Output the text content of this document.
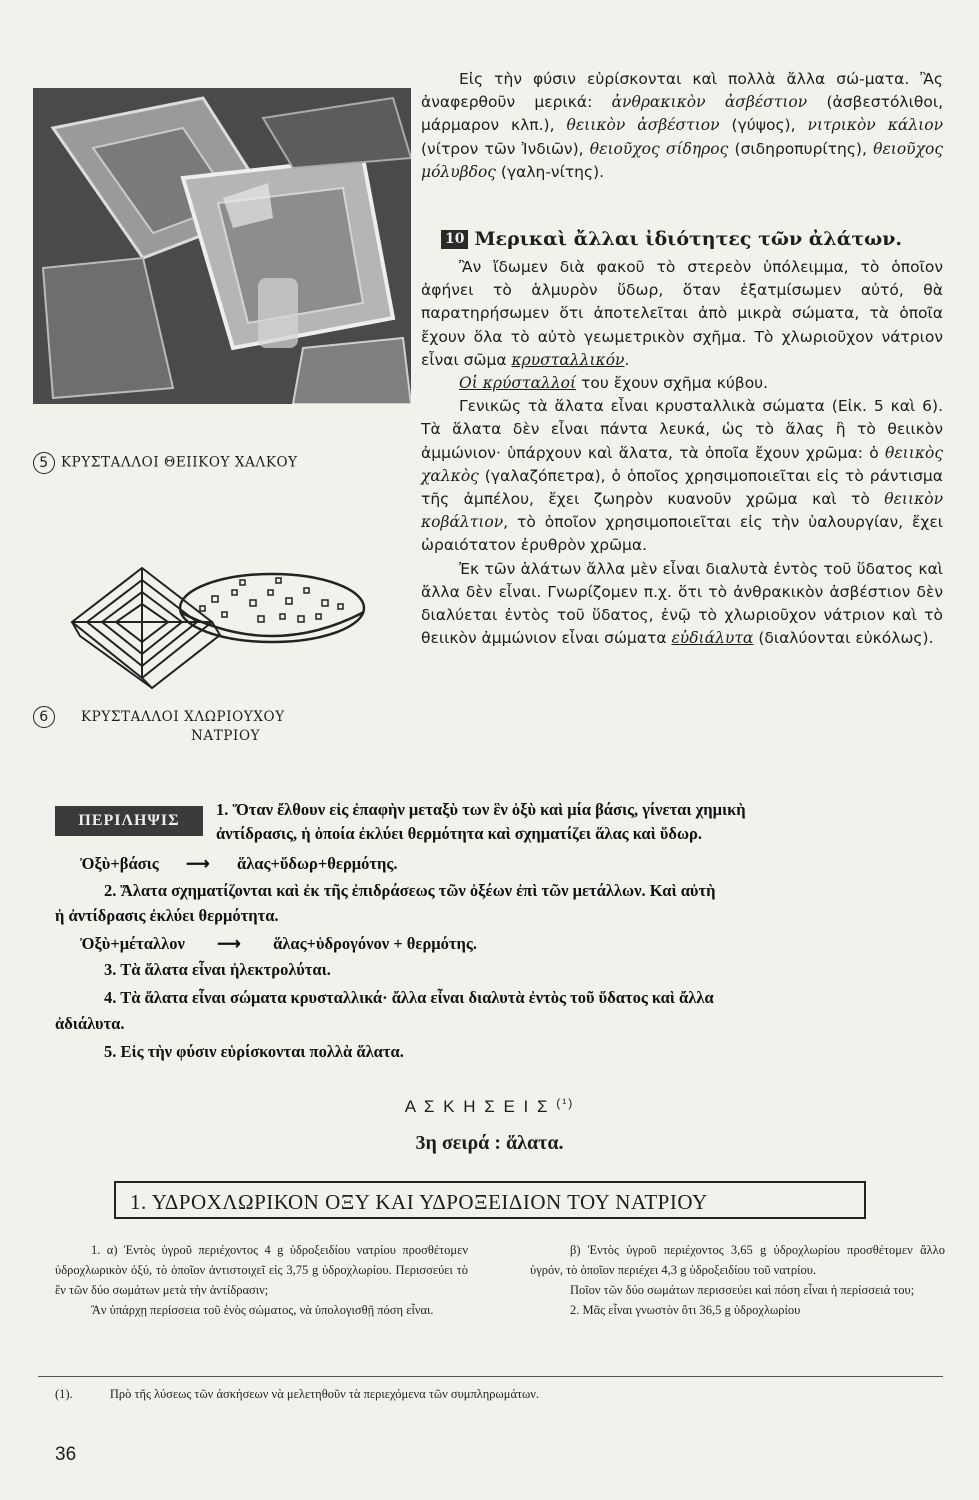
5 ΚΡΥΣΤΑΛΛΟΙ ΘΕΙΙΚΟΥ ΧΑΛΚΟΥ
6 ΚΡΥΣΤΑΛΛΟΙ ΧΛΩΡΙΟΥΧΟΥ
ΝΑΤΡΙΟΥ

Εἰς τὴν φύσιν εὑρίσκονται καὶ πολλὰ ἄλλα σώ-ματα. Ἂς ἀναφερθοῦν μερικά: ἀνθρακικὸν ἀσβέστιον (ἀσβεστόλιθοι, μάρμαρον κλπ.), θειικὸν ἀσβέστιον (γύψος), νιτρικὸν κάλιον (νίτρον τῶν Ἰνδιῶν), θειοῦχος σίδηρος (σιδηροπυρίτης), θειοῦχος μόλυβδος (γαλη-νίτης).

10 Μερικαὶ ἄλλαι ἰδιότητες τῶν ἀλάτων.

Ἂν ἴδωμεν διὰ φακοῦ τὸ στερεὸν ὑπόλειμμα, τὸ ὁποῖον ἀφήνει τὸ ἁλμυρὸν ὕδωρ, ὅταν ἐξατμίσωμεν αὐτό, θὰ παρατηρήσωμεν ὅτι ἀποτελεῖται ἀπὸ μικρὰ σώματα, τὰ ὁποῖα ἔχουν ὅλα τὸ αὐτὸ γεωμετρικὸν σχῆμα. Τὸ χλωριοῦχον νάτριον εἶναι σῶμα κρυσταλλικόν.

Οἱ κρύσταλλοί του ἔχουν σχῆμα κύβου.

Γενικῶς τὰ ἅλατα εἶναι κρυσταλλικὰ σώματα (Εἰκ. 5 καὶ 6). Τὰ ἅλατα δὲν εἶναι πάντα λευκά, ὡς τὸ ἅλας ἢ τὸ θειικὸν ἀμμώνιον· ὑπάρχουν καὶ ἅλατα, τὰ ὁποῖα ἔχουν χρῶμα: ὁ θειικὸς χαλκὸς (γαλαζόπετρα), ὁ ὁποῖος χρησιμοποιεῖται εἰς τὸ ράντισμα τῆς ἀμπέλου, ἔχει ζωηρὸν κυανοῦν χρῶμα καὶ τὸ θειικὸν κοβάλτιον, τὸ ὁποῖον χρησιμοποιεῖται εἰς τὴν ὑαλουργίαν, ἔχει ὡραιότατον ἐρυθρὸν χρῶμα.

Ἐκ τῶν ἁλάτων ἄλλα μὲν εἶναι διαλυτὰ ἐντὸς τοῦ ὕδατος καὶ ἄλλα δὲν εἶναι. Γνωρίζομεν π.χ. ὅτι τὸ ἀνθρακικὸν ἀσβέστιον δὲν διαλύεται ἐντὸς τοῦ ὕδατος, ἐνῷ τὸ χλωριοῦχον νάτριον καὶ τὸ θειικὸν ἀμμώνιον εἶναι σώματα εὐδιάλυτα (διαλύονται εὐκόλως).

ΠΕΡΙΛΗΨΙΣ
1. Ὅταν ἔλθουν εἰς ἐπαφὴν μεταξὺ των ἓν ὀξὺ καὶ μία βάσις, γίνεται χημικὴ
ἀντίδρασις, ἡ ὁποία ἐκλύει θερμότητα καὶ σχηματίζει ἅλας καὶ ὕδωρ.
Ὀξὺ+βάσις ⟶ ἅλας+ὕδωρ+θερμότης.
2. Ἅλατα σχηματίζονται καὶ ἐκ τῆς ἐπιδράσεως τῶν ὀξέων ἐπὶ τῶν μετάλλων. Καὶ αὐτὴ
ἡ ἀντίδρασις ἐκλύει θερμότητα.
Ὀξὺ+μέταλλον ⟶ ἅλας+ὑδρογόνον + θερμότης.
3. Τὰ ἅλατα εἶναι ἠλεκτρολύται.
4. Τὰ ἅλατα εἶναι σώματα κρυσταλλικά· ἄλλα εἶναι διαλυτὰ ἐντὸς τοῦ ὕδατος καὶ ἄλλα
ἀδιάλυτα.
5. Εἰς τὴν φύσιν εὑρίσκονται πολλὰ ἅλατα.
Α Σ Κ Η Σ Ε Ι Σ $^{(^1)}$
3η σειρά : ἅλατα.
1. ΥΔΡΟΧΛΩΡΙΚΟΝ ΟΞΥ ΚΑΙ ΥΔΡΟΞΕΙΔΙΟΝ ΤΟΥ ΝΑΤΡΙΟΥ
1. α) Ἐντὸς ὑγροῦ περιέχοντος 4 g ὑδροξειδίου νατρίου προσθέτομεν ὑδροχλωρικὸν ὀξύ, τὸ ὁποῖον ἀντιστοιχεῖ εἰς 3,75 g ὑδροχλωρίου. Περισσεύει τὸ ἓν τῶν δύο σωμάτων μετὰ τὴν ἀντίδρασιν;
Ἂν ὑπάρχῃ περίσσεια τοῦ ἑνὸς σώματος, νὰ ὑπολογισθῇ πόση εἶναι.
β) Ἐντὸς ὑγροῦ περιέχοντος 3,65 g ὑδροχλωρίου προσθέτομεν ἄλλο ὑγρόν, τὸ ὁποῖον περιέχει 4,3 g ὑδροξειδίου τοῦ νατρίου.
Ποῖον τῶν δύο σωμάτων περισσεύει καὶ πόση εἶναι ἡ περίσσειά του;
2. Μᾶς εἶναι γνωστὸν ὅτι 36,5 g ὑδροχλωρίου
(1).	Πρὸ τῆς λύσεως τῶν ἀσκήσεων νὰ μελετηθοῦν τὰ περιεχόμενα τῶν συμπληρωμάτων.
36
